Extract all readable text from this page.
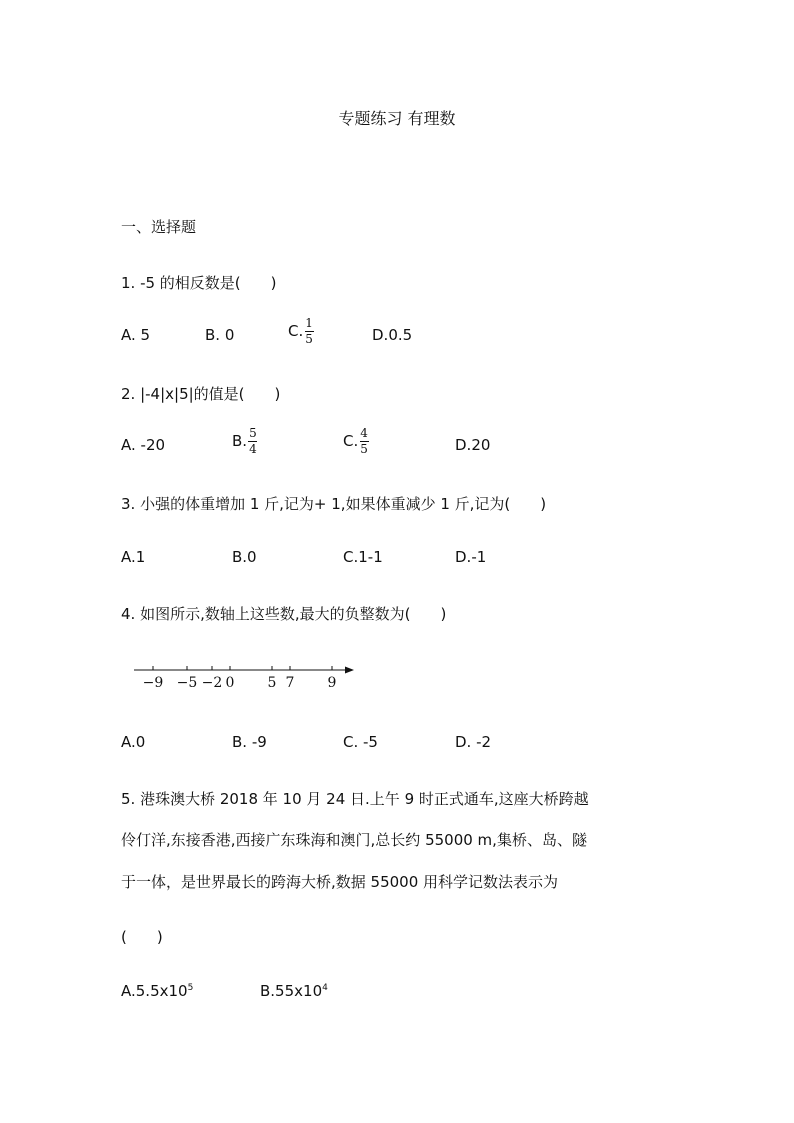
专题练习 有理数
一、选择题
1. -5 的相反数是(　　)
A. 5	B. 0	C. $\frac{1}{5}$	D.0.5
2. |-4|x|5|的值是(　　)
A. -20	B. $\frac{5}{4}$	C. $\frac{4}{5}$	D.20
3. 小强的体重增加 1 斤,记为+ 1,如果体重减少 1 斤,记为(　　)
A.1	B.0	C.1-1	D.-1
4. 如图所示,数轴上这些数,最大的负整数为(　　)
−9 −5 −2 0 5 7 9
A.0	B. -9	C. -5	D. -2
5. 港珠澳大桥 2018 年 10 月 24 日.上午 9 时正式通车,这座大桥跨越
伶仃洋,东接香港,西接广东珠海和澳门,总长约 55000 m,集桥、岛、隧
于一体，是世界最长的跨海大桥,数据 55000 用科学记数法表示为
(　　)
$A.5.5x10^5$	$B.55x10^4$
